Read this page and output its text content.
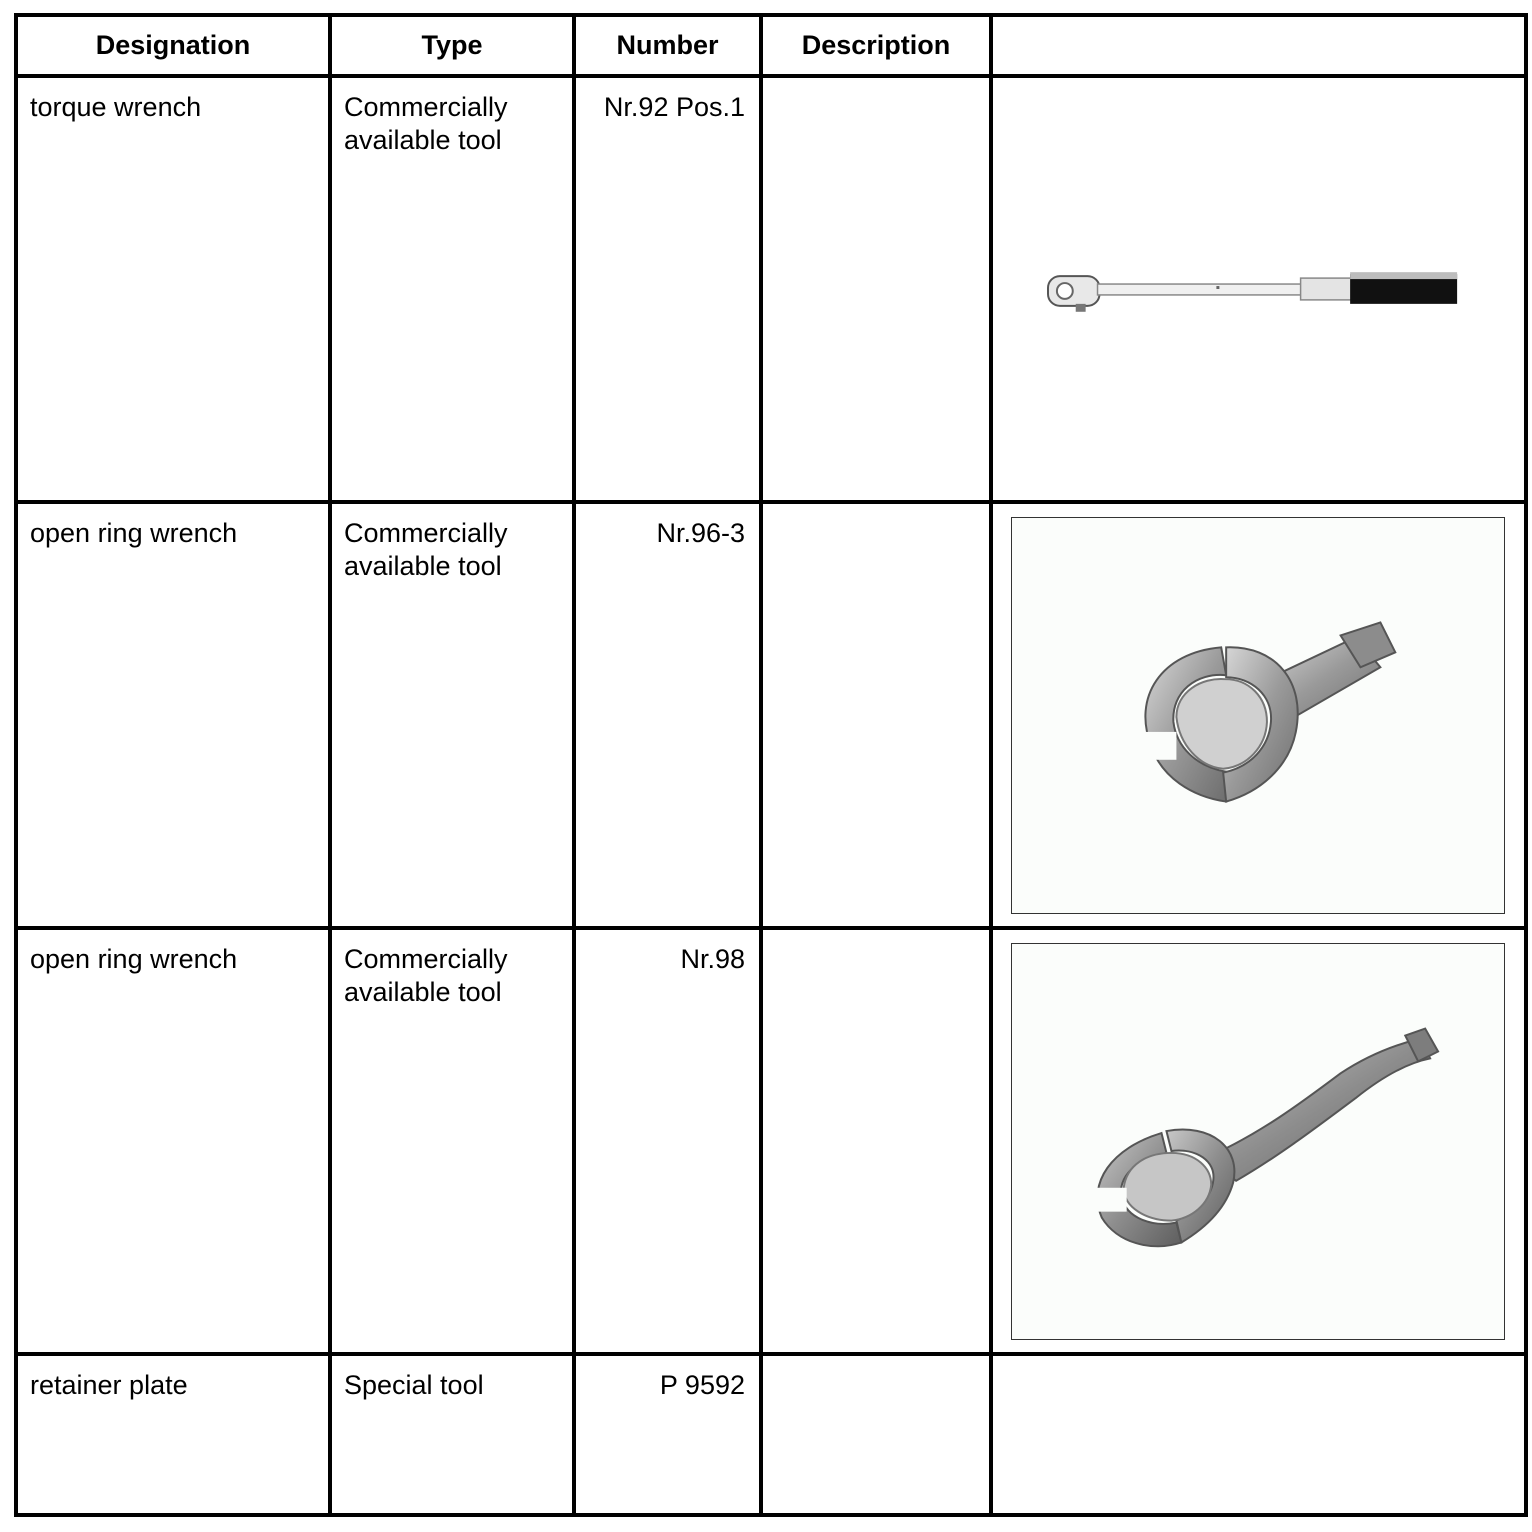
Designation	Type	Number	Description	

torque wrench	Commercially available tool	Nr.92 Pos.1

open ring wrench	Commercially available tool	Nr.96-3

open ring wrench	Commercially available tool	Nr.98

retainer plate	Special tool	P 9592		
